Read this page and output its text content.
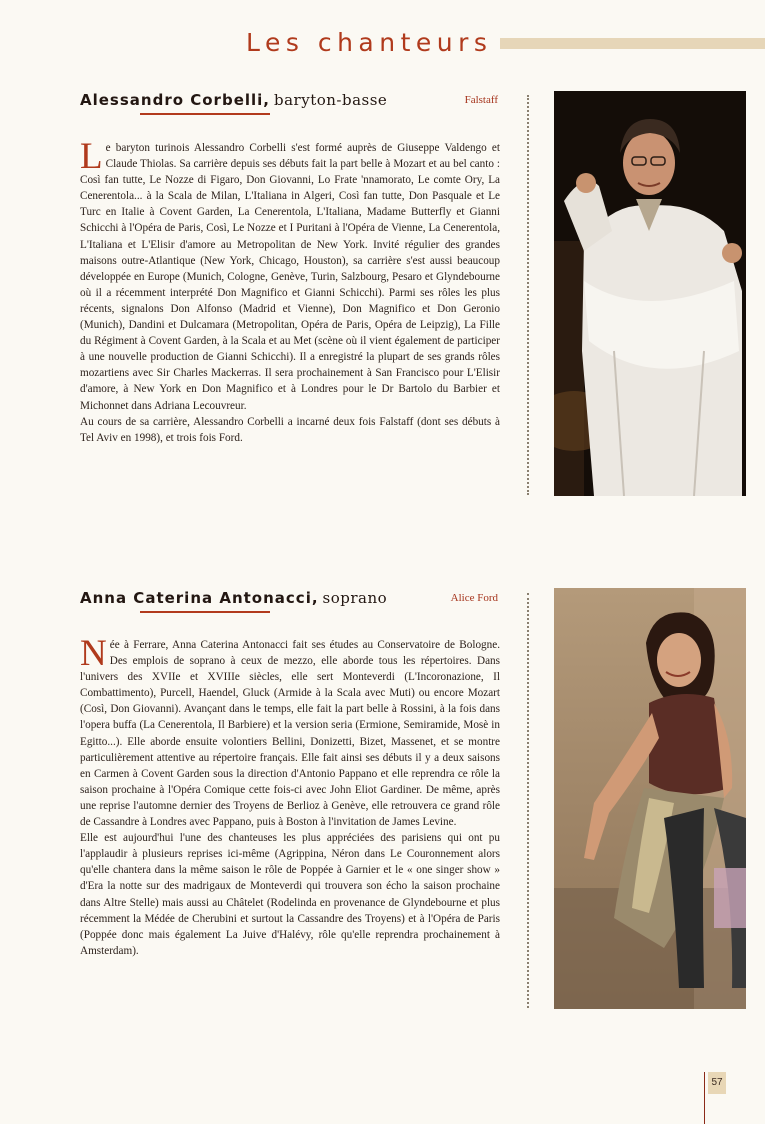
Les chanteurs
Alessandro Corbelli, baryton-basse	Falstaff
L e baryton turinois Alessandro Corbelli s'est formé auprès de Giuseppe Valdengo et Claude Thiolas. Sa carrière depuis ses débuts fait la part belle à Mozart et au bel canto : Così fan tutte, Le Nozze di Figaro, Don Giovanni, Lo Frate 'nnamorato, Le comte Ory, La Cenerentola... à la Scala de Milan, L'Italiana in Algeri, Così fan tutte, Don Pasquale et Le Turc en Italie à Covent Garden, La Cenerentola, L'Italiana, Madame Butterfly et Gianni Schicchi à l'Opéra de Paris, Così, Le Nozze et I Puritani à l'Opéra de Vienne, La Cenerentola, L'Italiana et L'Elisir d'amore au Metropolitan de New York. Invité régulier des grandes maisons outre-Atlantique (New York, Chicago, Houston), sa carrière s'est aussi beaucoup développée en Europe (Munich, Cologne, Genève, Turin, Salzbourg, Pesaro et Glyndebourne où il a récemment interprété Don Magnifico et Gianni Schicchi). Parmi ses rôles les plus récents, signalons Don Alfonso (Madrid et Vienne), Don Magnifico et Don Geronio (Munich), Dandini et Dulcamara (Metropolitan, Opéra de Paris, Opéra de Leipzig), La Fille du Régiment à Covent Garden, à la Scala et au Met (scène où il vient également de participer à une nouvelle production de Gianni Schicchi). Il a enregistré la plupart de ses grands rôles mozartiens avec Sir Charles Mackerras. Il sera prochainement à San Francisco pour L'Elisir d'amore, à New York en Don Magnifico et à Londres pour le Dr Bartolo du Barbier et Michonnet dans Adriana Lecouvreur.

Au cours de sa carrière, Alessandro Corbelli a incarné deux fois Falstaff (dont ses débuts à Tel Aviv en 1998), et trois fois Ford.

Anna Caterina Antonacci, soprano	Alice Ford
N ée à Ferrare, Anna Caterina Antonacci fait ses études au Conservatoire de Bologne. Des emplois de soprano à ceux de mezzo, elle aborde tous les répertoires. Dans l'univers des XVIIe et XVIIIe siècles, elle sert Monteverdi (L'Incoronazione, Il Combattimento), Purcell, Haendel, Gluck (Armide à la Scala avec Muti) ou encore Mozart (Così, Don Giovanni). Avançant dans le temps, elle fait la part belle à Rossini, à la fois dans l'opera buffa (La Cenerentola, Il Barbiere) et la version seria (Ermione, Semiramide, Mosè in Egitto...). Elle aborde ensuite volontiers Bellini, Donizetti, Bizet, Massenet, et se montre particulièrement attentive au répertoire français. Elle fait ainsi ses débuts il y a deux saisons en Carmen à Covent Garden sous la direction d'Antonio Pappano et elle reprendra ce rôle la saison prochaine à l'Opéra Comique cette fois-ci avec John Eliot Gardiner. De même, après une reprise l'automne dernier des Troyens de Berlioz à Genève, elle retrouvera ce grand rôle de Cassandre à Londres avec Pappano, puis à Boston à l'invitation de James Levine.

Elle est aujourd'hui l'une des chanteuses les plus appréciées des parisiens qui ont pu l'applaudir à plusieurs reprises ici-même (Agrippina, Néron dans Le Couronnement alors qu'elle chantera dans la même saison le rôle de Poppée à Garnier et le « one singer show » d'Era la notte sur des madrigaux de Monteverdi qui trouvera son écho la saison prochaine dans Altre Stelle) mais aussi au Châtelet (Rodelinda en provenance de Glyndebourne et plus récemment la Médée de Cherubini et surtout la Cassandre des Troyens) et à l'Opéra de Paris (Poppée donc mais également La Juive d'Halévy, rôle qu'elle reprendra prochainement à Amsterdam).

57
